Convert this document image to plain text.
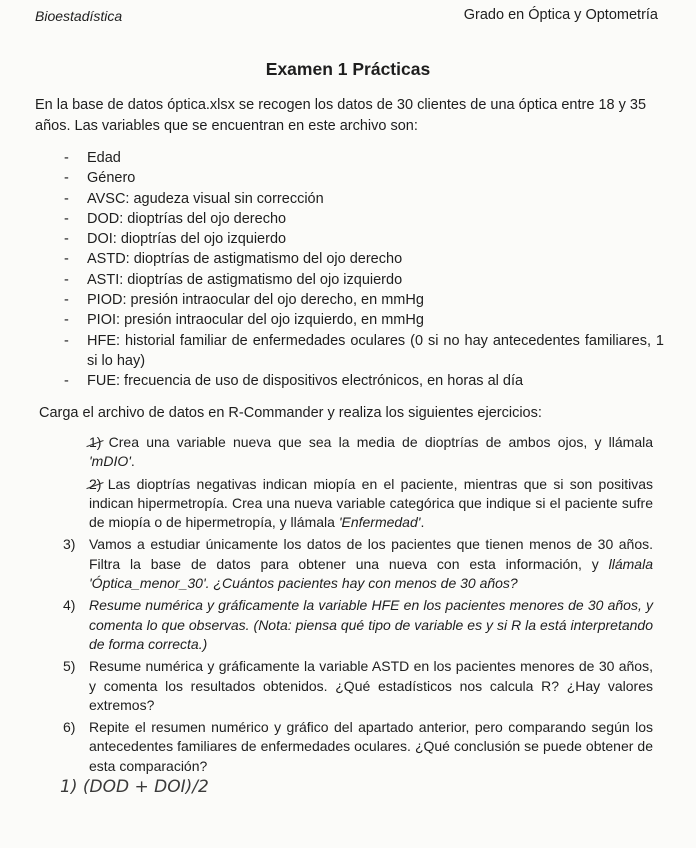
Bioestadística	Grado en Óptica y Optometría
Examen 1 Prácticas
En la base de datos óptica.xlsx se recogen los datos de 30 clientes de una óptica entre 18 y 35 años. Las variables que se encuentran en este archivo son:
- Edad
- Género
- AVSC: agudeza visual sin corrección
- DOD: dioptrías del ojo derecho
- DOI: dioptrías del ojo izquierdo
- ASTD: dioptrías de astigmatismo del ojo derecho
- ASTI: dioptrías de astigmatismo del ojo izquierdo
- PIOD: presión intraocular del ojo derecho, en mmHg
- PIOI: presión intraocular del ojo izquierdo, en mmHg
- HFE: historial familiar de enfermedades oculares (0 si no hay antecedentes familiares, 1 si lo hay)
- FUE: frecuencia de uso de dispositivos electrónicos, en horas al día
Carga el archivo de datos en R-Commander y realiza los siguientes ejercicios:
1) Crea una variable nueva que sea la media de dioptrías de ambos ojos, y llámala 'mDIO'.
2) Las dioptrías negativas indican miopía en el paciente, mientras que si son positivas indican hipermetropía. Crea una nueva variable categórica que indique si el paciente sufre de miopía o de hipermetropía, y llámala 'Enfermedad'.
3) Vamos a estudiar únicamente los datos de los pacientes que tienen menos de 30 años. Filtra la base de datos para obtener una nueva con esta información, y llámala 'Óptica_menor_30'. ¿Cuántos pacientes hay con menos de 30 años?
4) Resume numérica y gráficamente la variable HFE en los pacientes menores de 30 años, y comenta lo que observas. (Nota: piensa qué tipo de variable es y si R la está interpretando de forma correcta.)
5) Resume numérica y gráficamente la variable ASTD en los pacientes menores de 30 años, y comenta los resultados obtenidos. ¿Qué estadísticos nos calcula R? ¿Hay valores extremos?
6) Repite el resumen numérico y gráfico del apartado anterior, pero comparando según los antecedentes familiares de enfermedades oculares. ¿Qué conclusión se puede obtener de esta comparación?
1) (DOD + DOI)/2
